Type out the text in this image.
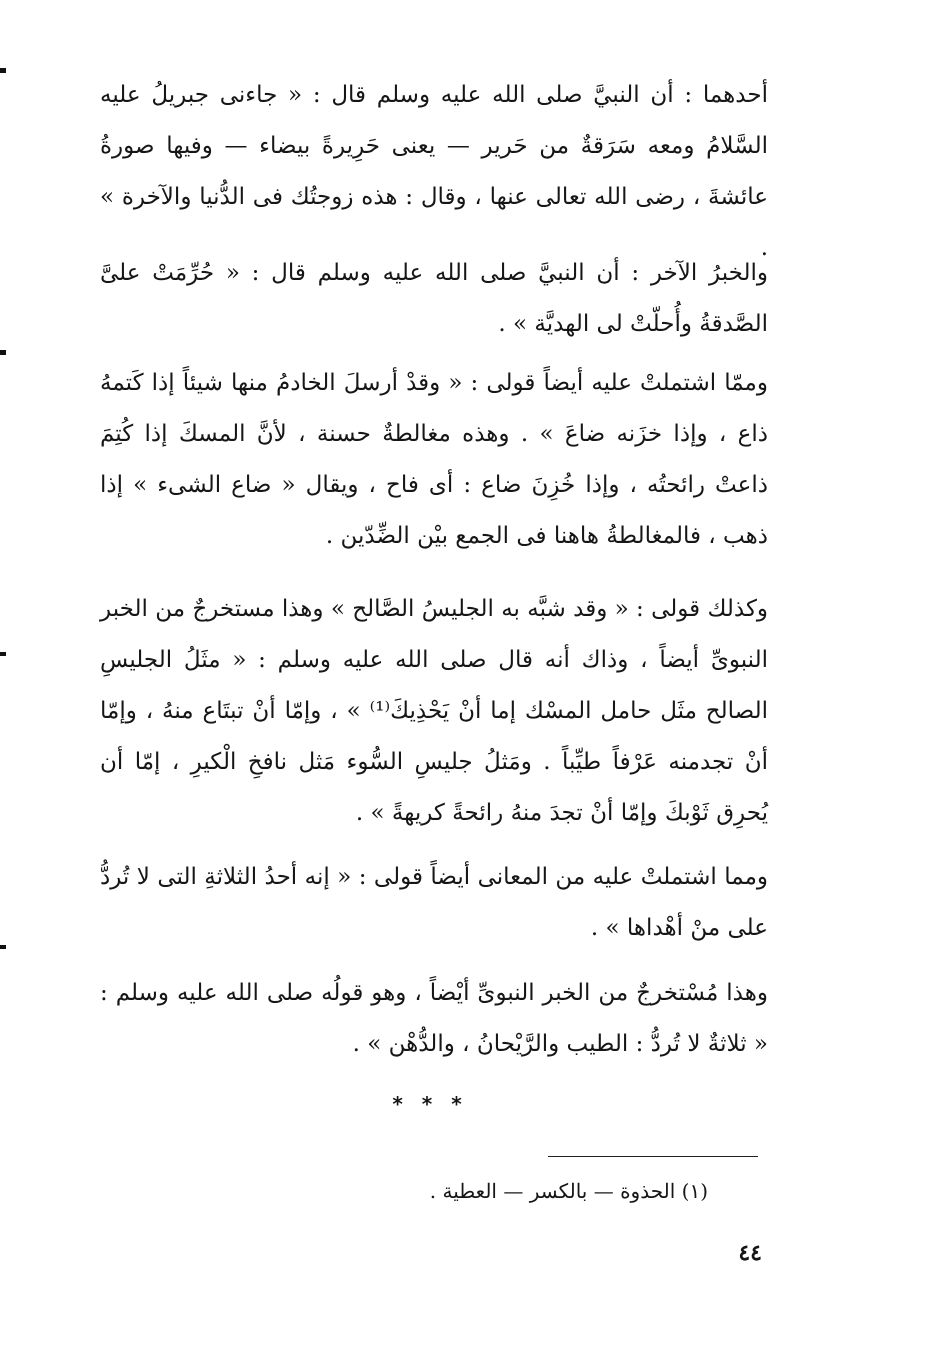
أحدهما : أن النبيَّ صلى الله عليه وسلم قال : « جاءنى جبريلُ عليه السَّلامُ ومعه سَرَقةٌ من حَرير — يعنى حَرِيرةً بيضاء — وفيها صورةُ عائشةَ ، رضى الله تعالى عنها ، وقال : هذه زوجتُك فى الدُّنيا والآخرة » .

والخبرُ الآخر : أن النبيَّ صلى الله عليه وسلم قال : « حُرِّمَتْ علىَّ الصَّدقةُ وأُحلّتْ لى الهديَّة » .

وممّا اشتملتْ عليه أيضاً قولى : « وقدْ أرسلَ الخادمُ منها شيئاً إذا كَتمهُ ذاع ، وإذا خزَنه ضاعَ » . وهذه مغالطةٌ حسنة ، لأنَّ المسكَ إذا كُتِمَ ذاعتْ رائحتُه ، وإذا خُزِنَ ضاع : أى فاح ، ويقال « ضاع الشىء » إذا ذهب ، فالمغالطةُ هاهنا فى الجمع بيْن الضِّدّين .

وكذلك قولى : « وقد شبَّه به الجليسُ الصَّالح » وهذا مستخرجٌ من الخبر النبوىِّ أيضاً ، وذاك أنه قال صلى الله عليه وسلم : « مثَلُ الجليسِ الصالح مثَل حامل المسْك إما أنْ يَحْذِيكَ⁽¹⁾ » ، وإمّا أنْ تبتَاع منهُ ، وإمّا أنْ تجدمنه عَرْفاً طيِّباً . ومَثلُ جليسِ السُّوء مَثل نافخِ الْكيرِ ، إمّا أن يُحرِق ثَوْبكَ وإمّا أنْ تجدَ منهُ رائحةً كريهةً » .

ومما اشتملتْ عليه من المعانى أيضاً قولى : « إنه أحدُ الثلاثةِ التى لا تُردُّ على منْ أهْداها » .

وهذا مُسْتخرجٌ من الخبر النبوىِّ أيْضاً ، وهو قولُه صلى الله عليه وسلم : « ثلاثةٌ لا تُردُّ : الطيب والرَّيْحانُ ، والدُّهْن » .

* * *

(١) الحذوة — بالكسر — العطية .

٤٤
